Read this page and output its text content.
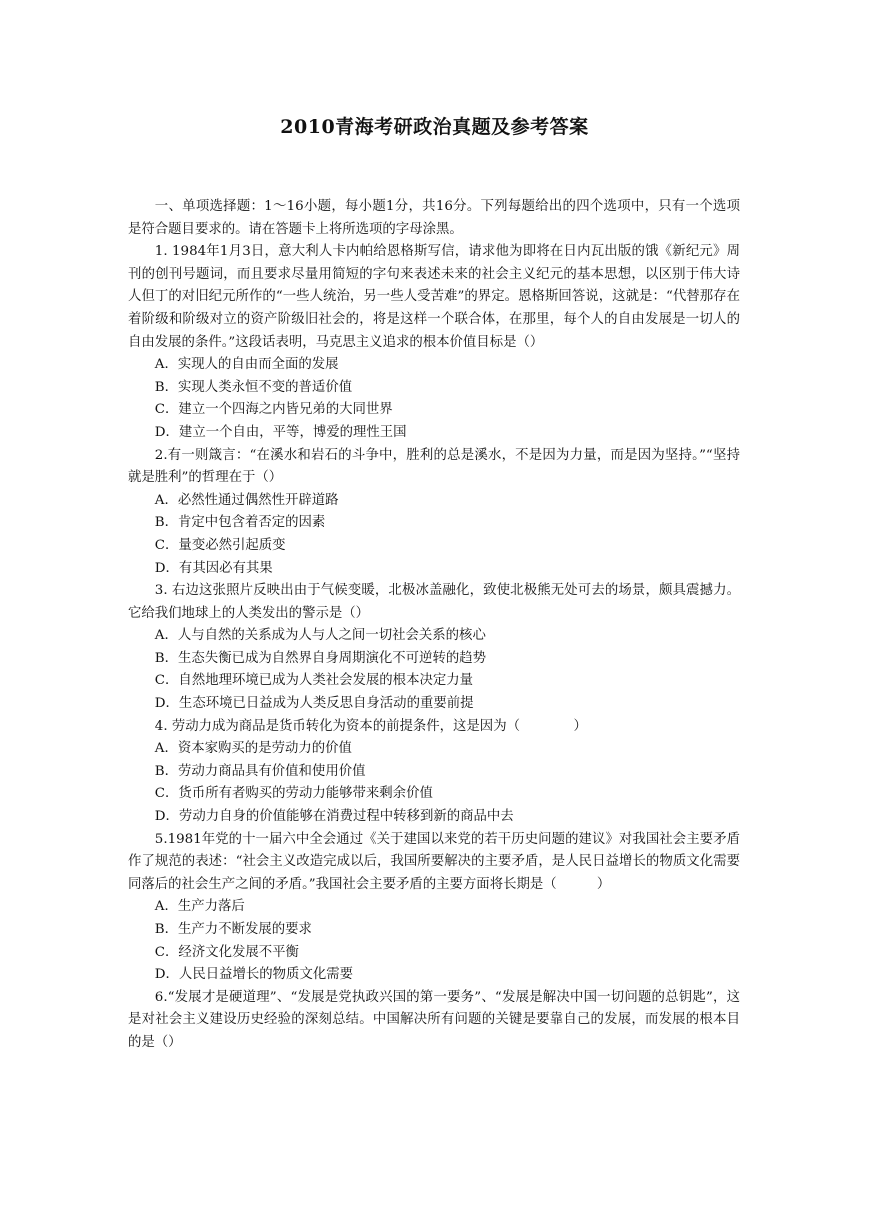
2010青海考研政治真题及参考答案

一、单项选择题：1～16小题，每小题1分，共16分。下列每题给出的四个选项中，只有一个选项是符合题目要求的。请在答题卡上将所选项的字母涂黑。

1. 1984年1月3日，意大利人卡内帕给恩格斯写信，请求他为即将在日内瓦出版的饿《新纪元》周刊的创刊号题词，而且要求尽量用简短的字句来表述未来的社会主义纪元的基本思想，以区别于伟大诗人但丁的对旧纪元所作的“一些人统治，另一些人受苦难”的界定。恩格斯回答说，这就是：“代替那存在着阶级和阶级对立的资产阶级旧社会的，将是这样一个联合体，在那里，每个人的自由发展是一切人的自由发展的条件。”这段话表明，马克思主义追求的根本价值目标是（）

A．实现人的自由而全面的发展

B．实现人类永恒不变的普适价值

C．建立一个四海之内皆兄弟的大同世界

D．建立一个自由，平等，博爱的理性王国

2.有一则箴言：“在溪水和岩石的斗争中，胜利的总是溪水，不是因为力量，而是因为坚持。”“坚持就是胜利”的哲理在于（）

A．必然性通过偶然性开辟道路

B．肯定中包含着否定的因素

C．量变必然引起质变

D．有其因必有其果

3. 右边这张照片反映出由于气候变暖，北极冰盖融化，致使北极熊无处可去的场景，颇具震撼力。它给我们地球上的人类发出的警示是（）

A．人与自然的关系成为人与人之间一切社会关系的核心

B．生态失衡已成为自然界自身周期演化不可逆转的趋势

C．自然地理环境已成为人类社会发展的根本决定力量

D．生态环境已日益成为人类反思自身活动的重要前提

4. 劳动力成为商品是货币转化为资本的前提条件，这是因为（　　　　）

A．资本家购买的是劳动力的价值

B．劳动力商品具有价值和使用价值

C．货币所有者购买的劳动力能够带来剩余价值

D．劳动力自身的价值能够在消费过程中转移到新的商品中去

5.1981年党的十一届六中全会通过《关于建国以来党的若干历史问题的建议》对我国社会主要矛盾作了规范的表述：“社会主义改造完成以后，我国所要解决的主要矛盾，是人民日益增长的物质文化需要同落后的社会生产之间的矛盾。”我国社会主要矛盾的主要方面将长期是（　　　）

A．生产力落后

B．生产力不断发展的要求

C．经济文化发展不平衡

D．人民日益增长的物质文化需要

6.“发展才是硬道理”、“发展是党执政兴国的第一要务”、“发展是解决中国一切问题的总钥匙”，这是对社会主义建设历史经验的深刻总结。中国解决所有问题的关键是要靠自己的发展，而发展的根本目的是（）
